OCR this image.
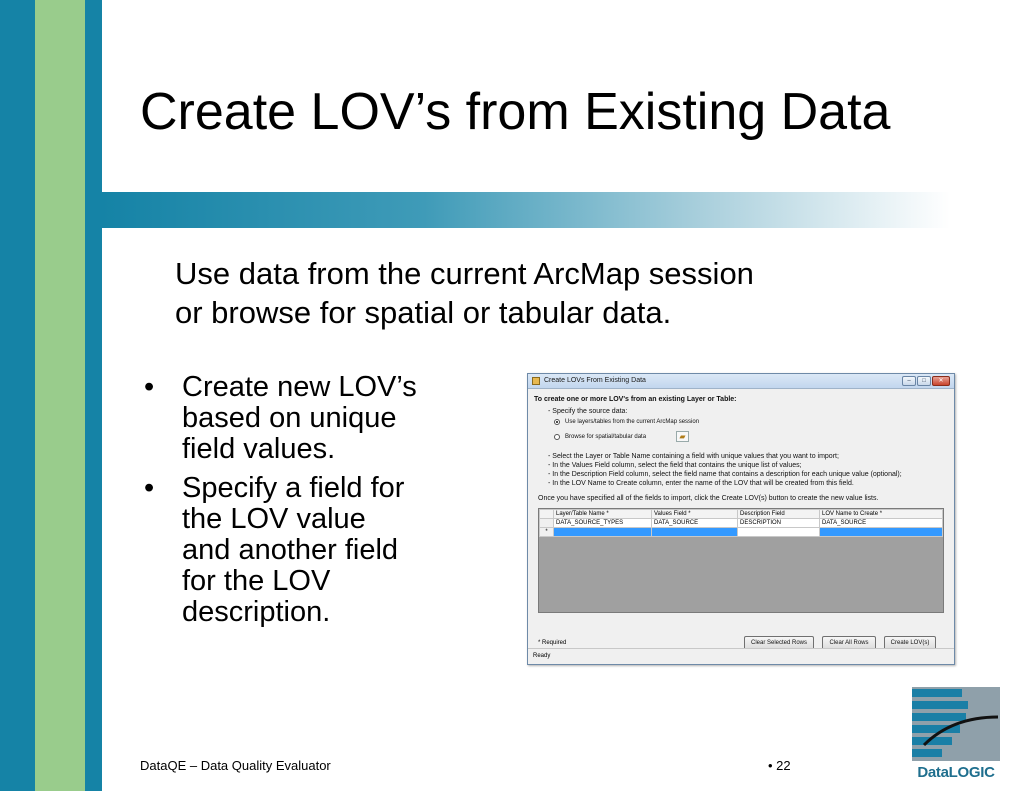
Create LOV’s from Existing Data
Use data from the current ArcMap session
or browse for spatial or tabular data.
• Create new LOV’s
based on unique
field values.
• Specify a field for
the LOV value
and another field
for the LOV
description.
Create LOVs From Existing Data	–	□	✕
To create one or more LOV's from an existing Layer or Table:
- Specify the source data:
Use layers/tables from the current ArcMap session
Browse for spatial/tabular data	▰
- Select the Layer or Table Name containing a field with unique values that you want to import;
- In the Values Field column, select the field that contains the unique list of values;
- In the Description Field column, select the field name that contains a description for each unique value (optional);
- In the LOV Name to Create column, enter the name of the LOV that will be created from this field.
Once you have specified all of the fields to import, click the Create LOV(s) button to create the new value lists.
	Layer/Table Name *	Values Field *	Description Field	LOV Name to Create *
	DATA_SOURCE_TYPES	DATA_SOURCE	DESCRIPTION	DATA_SOURCE
*				
* Required	Clear Selected Rows	Clear All Rows	Create LOV(s)
Ready
DataQE – Data Quality Evaluator	• 22	DataLOGIC
